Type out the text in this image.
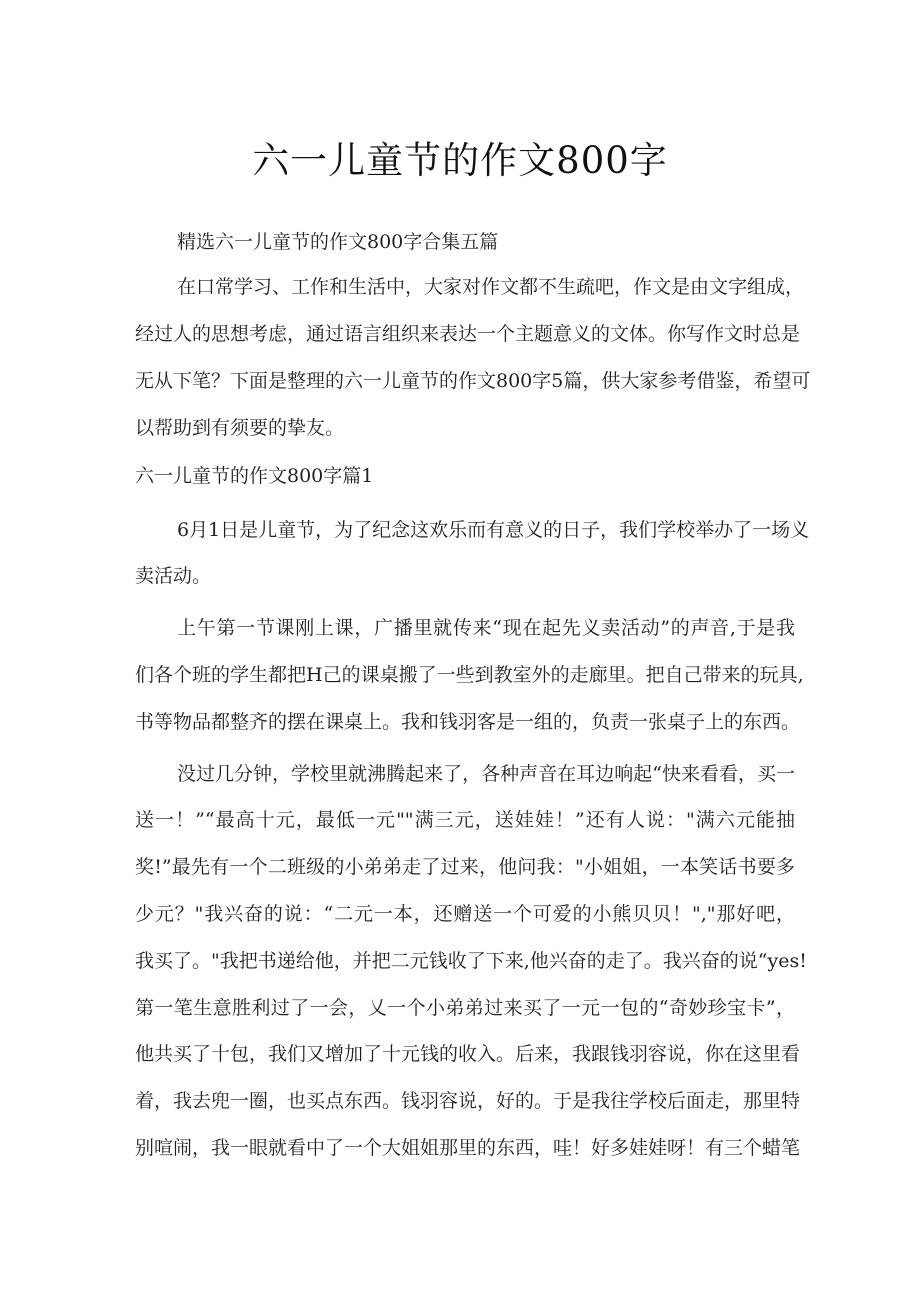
六一儿童节的作文800字
精选六一儿童节的作文800字合集五篇
在口常学习、工作和生活中，大家对作文都不生疏吧，作文是由文字组成，
经过人的思想考虑，通过语言组织来表达一个主题意义的文体。你写作文时总是
无从下笔？下面是整理的六一儿童节的作文800字5篇，供大家参考借鉴，希望可
以帮助到有须要的挚友。
六一儿童节的作文800字篇1
6月1日是儿童节，为了纪念这欢乐而有意义的日子，我们学校举办了一场义
卖活动。
上午第一节课刚上课，广播里就传来“现在起先义卖活动”的声音,于是我
们各个班的学生都把H己的课桌搬了一些到教室外的走廊里。把自己带来的玩具,
书等物品都整齐的摆在课桌上。我和钱羽客是一组的，负责一张桌子上的东西。
没过几分钟，学校里就沸腾起来了，各种声音在耳边响起“快来看看，买一
送一！”“最高十元，最低一元""满三元，送娃娃！”还有人说："满六元能抽
奖!”最先有一个二班级的小弟弟走了过来，他问我："小姐姐，一本笑话书要多
少元？"我兴奋的说：“二元一本，还赠送一个可爱的小熊贝贝！","那好吧，
我买了。"我把书递给他，并把二元钱收了下来,他兴奋的走了。我兴奋的说“yes!
第一笔生意胜利过了一会，乂一个小弟弟过来买了一元一包的“奇妙珍宝卡”，
他共买了十包，我们又增加了十元钱的收入。后来，我跟钱羽容说，你在这里看
着，我去兜一圈，也买点东西。钱羽容说，好的。于是我往学校后面走，那里特
别喧闹，我一眼就看中了一个大姐姐那里的东西，哇！好多娃娃呀！有三个蜡笔
